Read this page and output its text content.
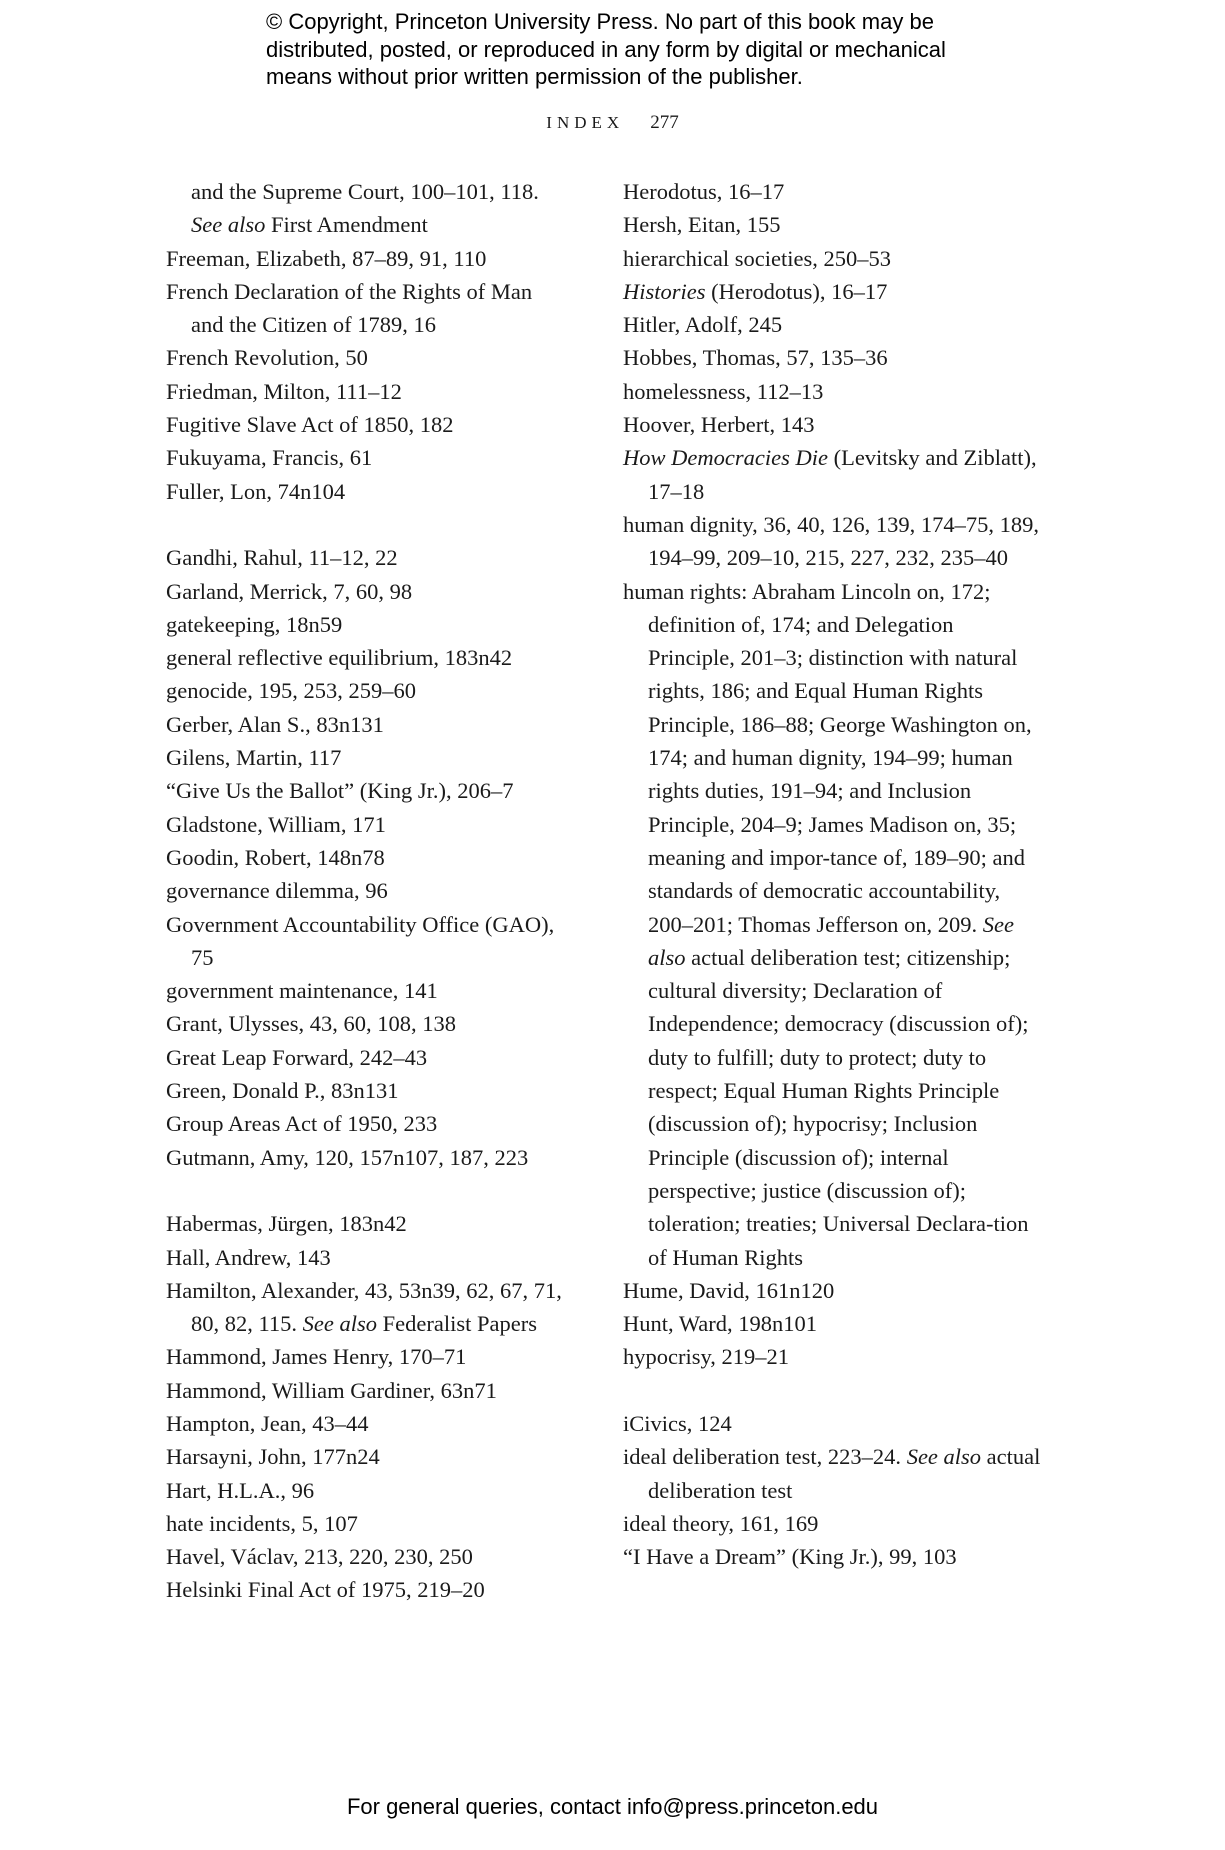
© Copyright, Princeton University Press. No part of this book may be
distributed, posted, or reproduced in any form by digital or mechanical
means without prior written permission of the publisher.
INDEX 277
and the Supreme Court, 100–101, 118.
See also First Amendment
Freeman, Elizabeth, 87–89, 91, 110
French Declaration of the Rights of Man and the Citizen of 1789, 16
French Revolution, 50
Friedman, Milton, 111–12
Fugitive Slave Act of 1850, 182
Fukuyama, Francis, 61
Fuller, Lon, 74n104
Gandhi, Rahul, 11–12, 22
Garland, Merrick, 7, 60, 98
gatekeeping, 18n59
general reflective equilibrium, 183n42
genocide, 195, 253, 259–60
Gerber, Alan S., 83n131
Gilens, Martin, 117
“Give Us the Ballot” (King Jr.), 206–7
Gladstone, William, 171
Goodin, Robert, 148n78
governance dilemma, 96
Government Accountability Office (GAO), 75
government maintenance, 141
Grant, Ulysses, 43, 60, 108, 138
Great Leap Forward, 242–43
Green, Donald P., 83n131
Group Areas Act of 1950, 233
Gutmann, Amy, 120, 157n107, 187, 223
Habermas, Jürgen, 183n42
Hall, Andrew, 143
Hamilton, Alexander, 43, 53n39, 62, 67, 71, 80, 82, 115. See also Federalist Papers
Hammond, James Henry, 170–71
Hammond, William Gardiner, 63n71
Hampton, Jean, 43–44
Harsayni, John, 177n24
Hart, H.L.A., 96
hate incidents, 5, 107
Havel, Václav, 213, 220, 230, 250
Helsinki Final Act of 1975, 219–20
Herodotus, 16–17
Hersh, Eitan, 155
hierarchical societies, 250–53
Histories (Herodotus), 16–17
Hitler, Adolf, 245
Hobbes, Thomas, 57, 135–36
homelessness, 112–13
Hoover, Herbert, 143
How Democracies Die (Levitsky and Ziblatt), 17–18
human dignity, 36, 40, 126, 139, 174–75, 189, 194–99, 209–10, 215, 227, 232, 235–40
human rights: Abraham Lincoln on, 172; definition of, 174; and Delegation Principle, 201–3; distinction with natural rights, 186; and Equal Human Rights Principle, 186–88; George Washington on, 174; and human dignity, 194–99; human rights duties, 191–94; and Inclusion Principle, 204–9; James Madison on, 35; meaning and impor-tance of, 189–90; and standards of democratic accountability, 200–201; Thomas Jefferson on, 209. See also actual deliberation test; citizenship; cultural diversity; Declaration of Independence; democracy (discussion of); duty to fulfill; duty to protect; duty to respect; Equal Human Rights Principle (discussion of); hypocrisy; Inclusion Principle (discussion of); internal perspective; justice (discussion of); toleration; treaties; Universal Declara-tion of Human Rights
Hume, David, 161n120
Hunt, Ward, 198n101
hypocrisy, 219–21
iCivics, 124
ideal deliberation test, 223–24. See also actual deliberation test
ideal theory, 161, 169
“I Have a Dream” (King Jr.), 99, 103
For general queries, contact info@press.princeton.edu
